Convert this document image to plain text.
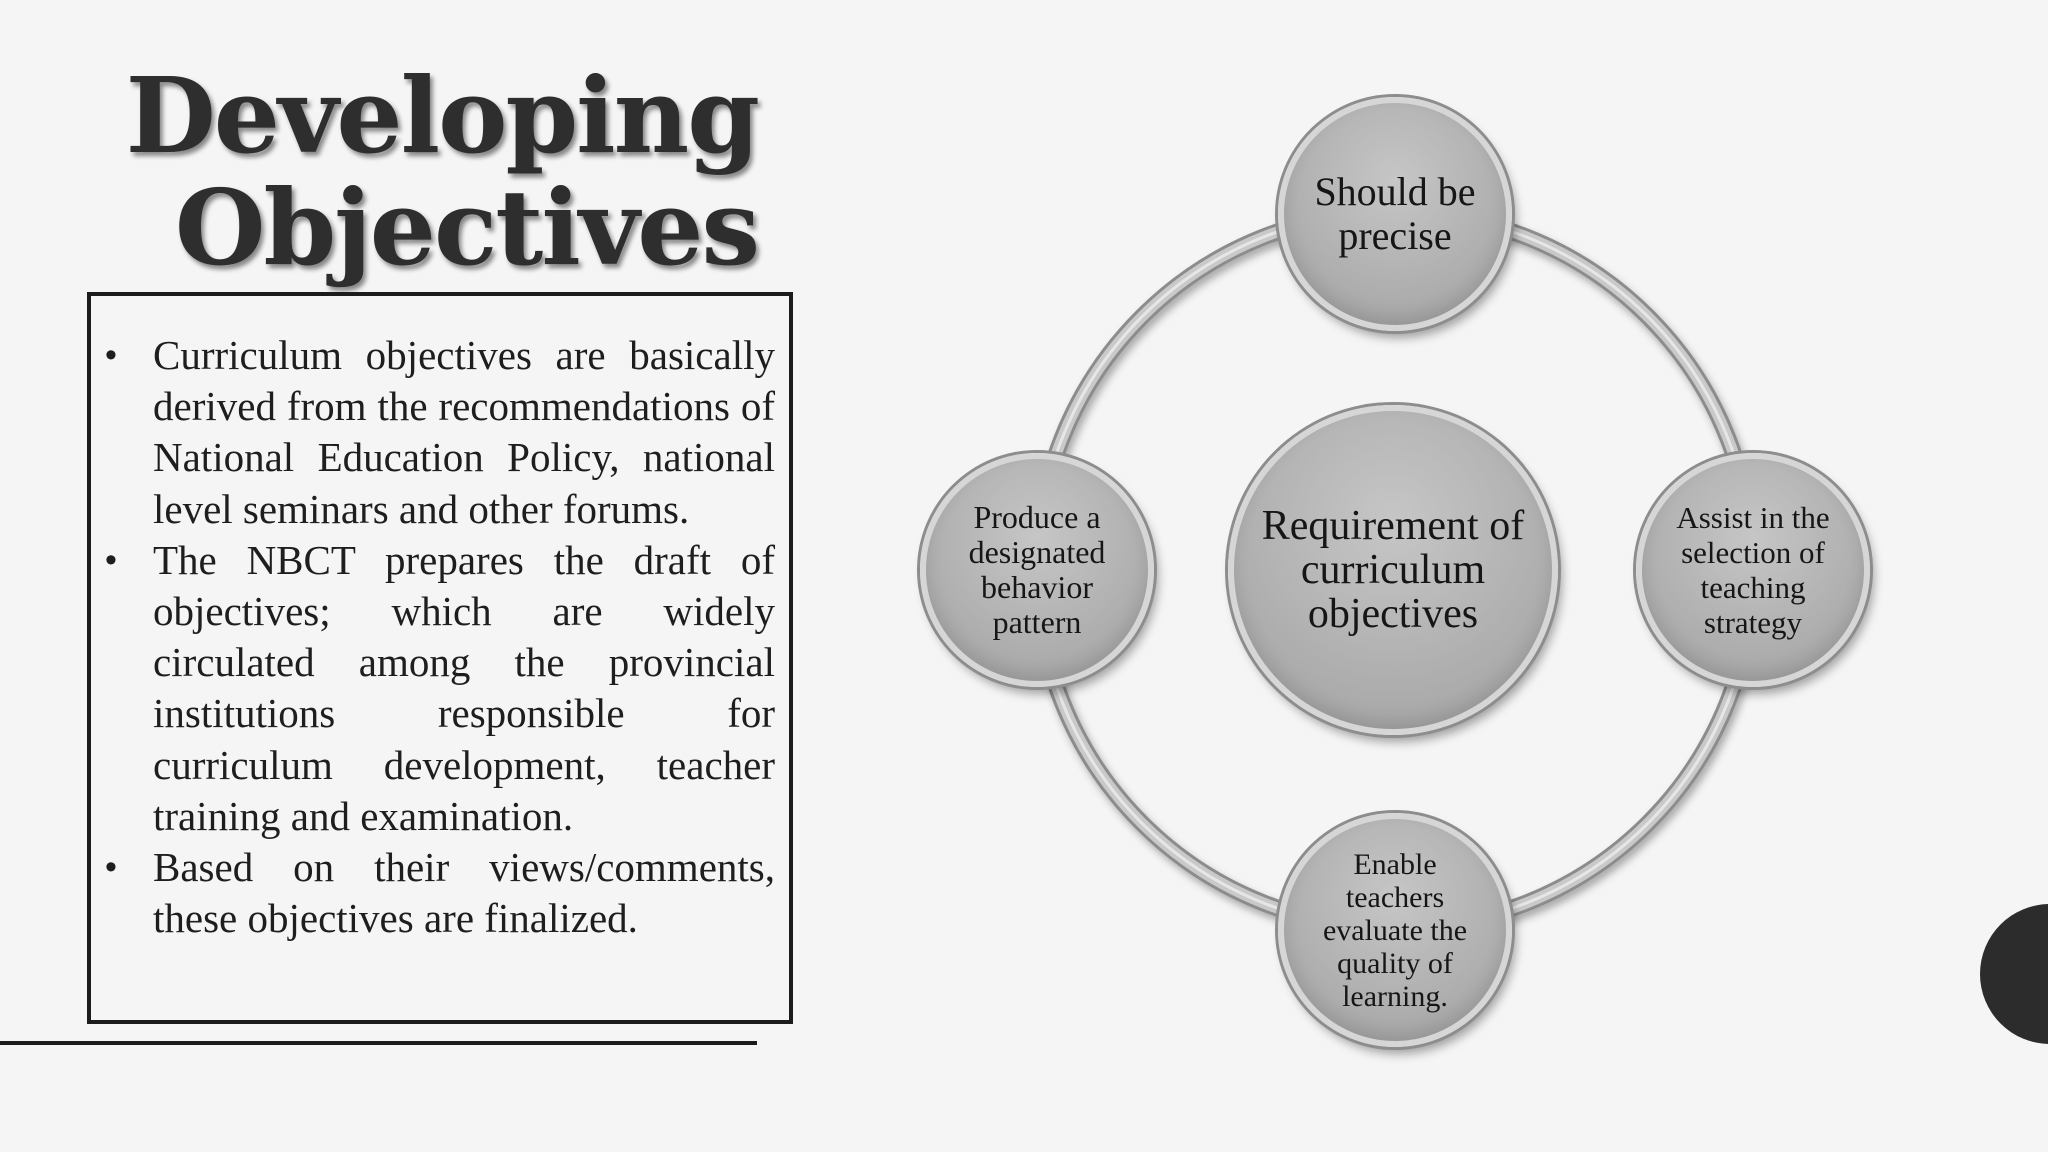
Developing
Objectives
• Curriculum objectives are basically derived from the recommendations of National Education Policy, national level seminars and other forums.
• The NBCT prepares the draft of objectives; which are widely circulated among the provincial institutions responsible for curriculum development, teacher training and examination.
• Based on their views/comments, these objectives are finalized.
Requirement of curriculum objectives
Should be precise
Produce a designated behavior pattern
Assist in the selection of teaching strategy
Enable teachers evaluate the quality of learning.
